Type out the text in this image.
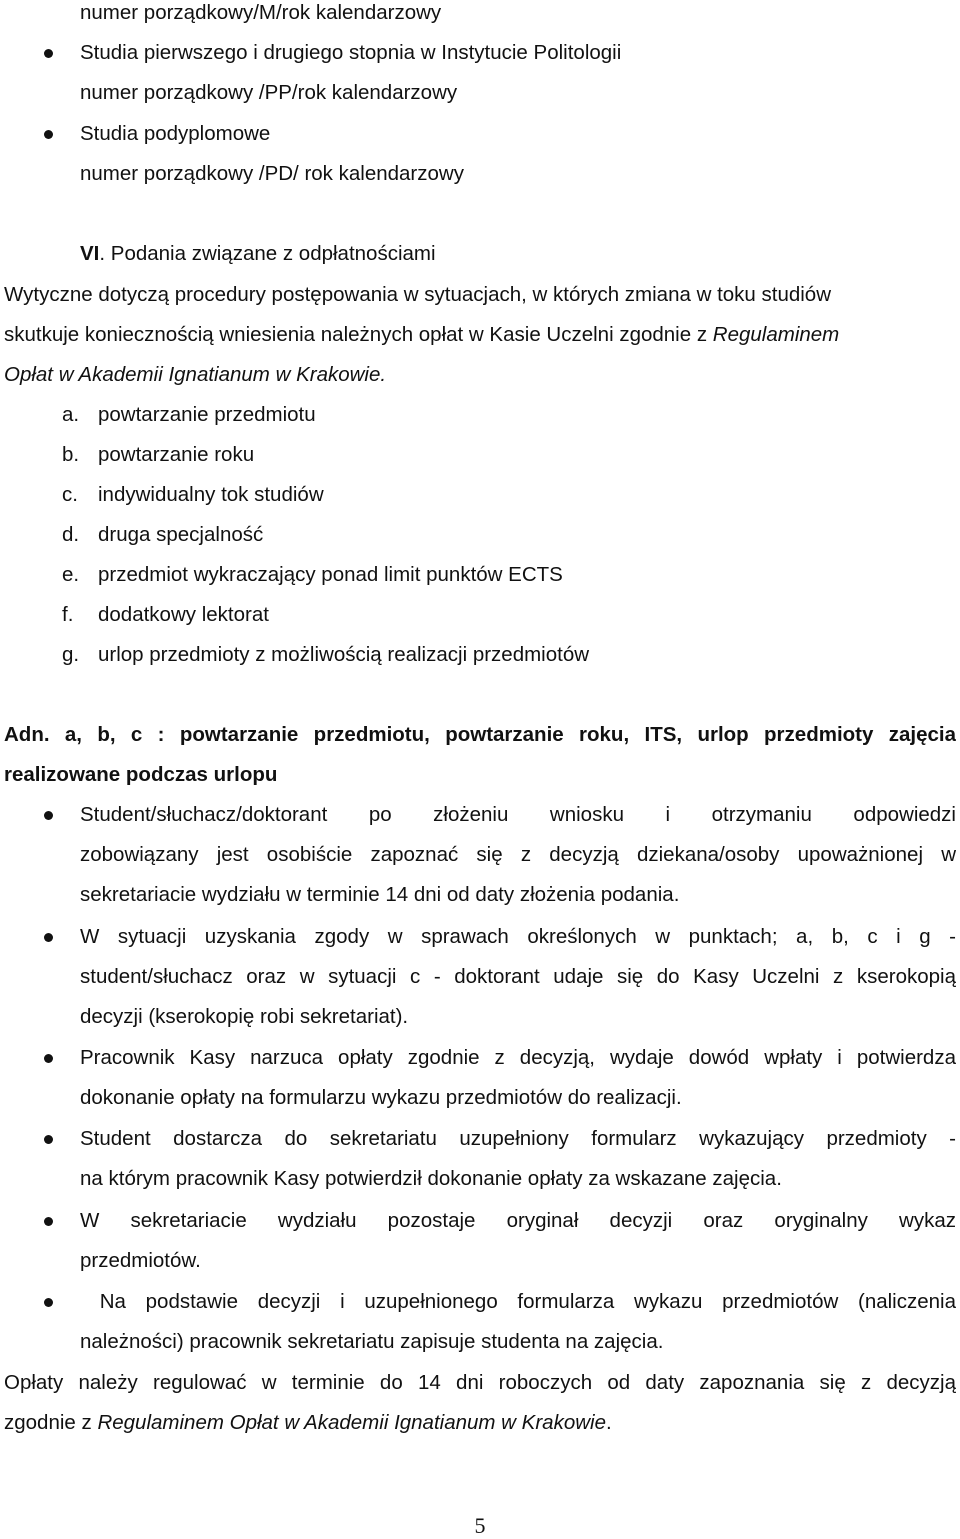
numer porządkowy/M/rok kalendarzowy
Studia pierwszego i drugiego stopnia w Instytucie Politologii
numer porządkowy /PP/rok kalendarzowy
Studia podyplomowe
numer porządkowy /PD/ rok kalendarzowy
VI. Podania związane z odpłatnościami
Wytyczne dotyczą procedury postępowania w sytuacjach, w których zmiana w toku studiów
skutkuje koniecznością wniesienia należnych opłat w Kasie Uczelni zgodnie z Regulaminem
Opłat w Akademii Ignatianum w Krakowie.
a. powtarzanie przedmiotu
b. powtarzanie roku
c. indywidualny tok studiów
d. druga specjalność
e. przedmiot wykraczający ponad limit punktów ECTS
f. dodatkowy lektorat
g. urlop przedmioty z możliwością realizacji przedmiotów
Adn. a, b, c : powtarzanie przedmiotu, powtarzanie roku, ITS, urlop przedmioty zajęcia
realizowane podczas urlopu
Student/słuchacz/doktorant po złożeniu wniosku i otrzymaniu odpowiedzi
zobowiązany jest osobiście zapoznać się z decyzją dziekana/osoby upoważnionej w
sekretariacie wydziału w terminie 14 dni od daty złożenia podania.
W sytuacji uzyskania zgody w sprawach określonych w punktach; a, b, c i g -
student/słuchacz oraz w sytuacji c - doktorant udaje się do Kasy Uczelni z kserokopią
decyzji (kserokopię robi sekretariat).
Pracownik Kasy narzuca opłaty zgodnie z decyzją, wydaje dowód wpłaty i potwierdza
dokonanie opłaty na formularzu wykazu przedmiotów do realizacji.
Student dostarcza do sekretariatu uzupełniony formularz wykazujący przedmioty -
na którym pracownik Kasy potwierdził dokonanie opłaty za wskazane zajęcia.
W sekretariacie wydziału pozostaje oryginał decyzji oraz oryginalny wykaz
przedmiotów.
Na podstawie decyzji i uzupełnionego formularza wykazu przedmiotów (naliczenia
należności) pracownik sekretariatu zapisuje studenta na zajęcia.
Opłaty należy regulować w terminie do 14 dni roboczych od daty zapoznania się z decyzją
zgodnie z Regulaminem Opłat w Akademii Ignatianum w Krakowie.
5
